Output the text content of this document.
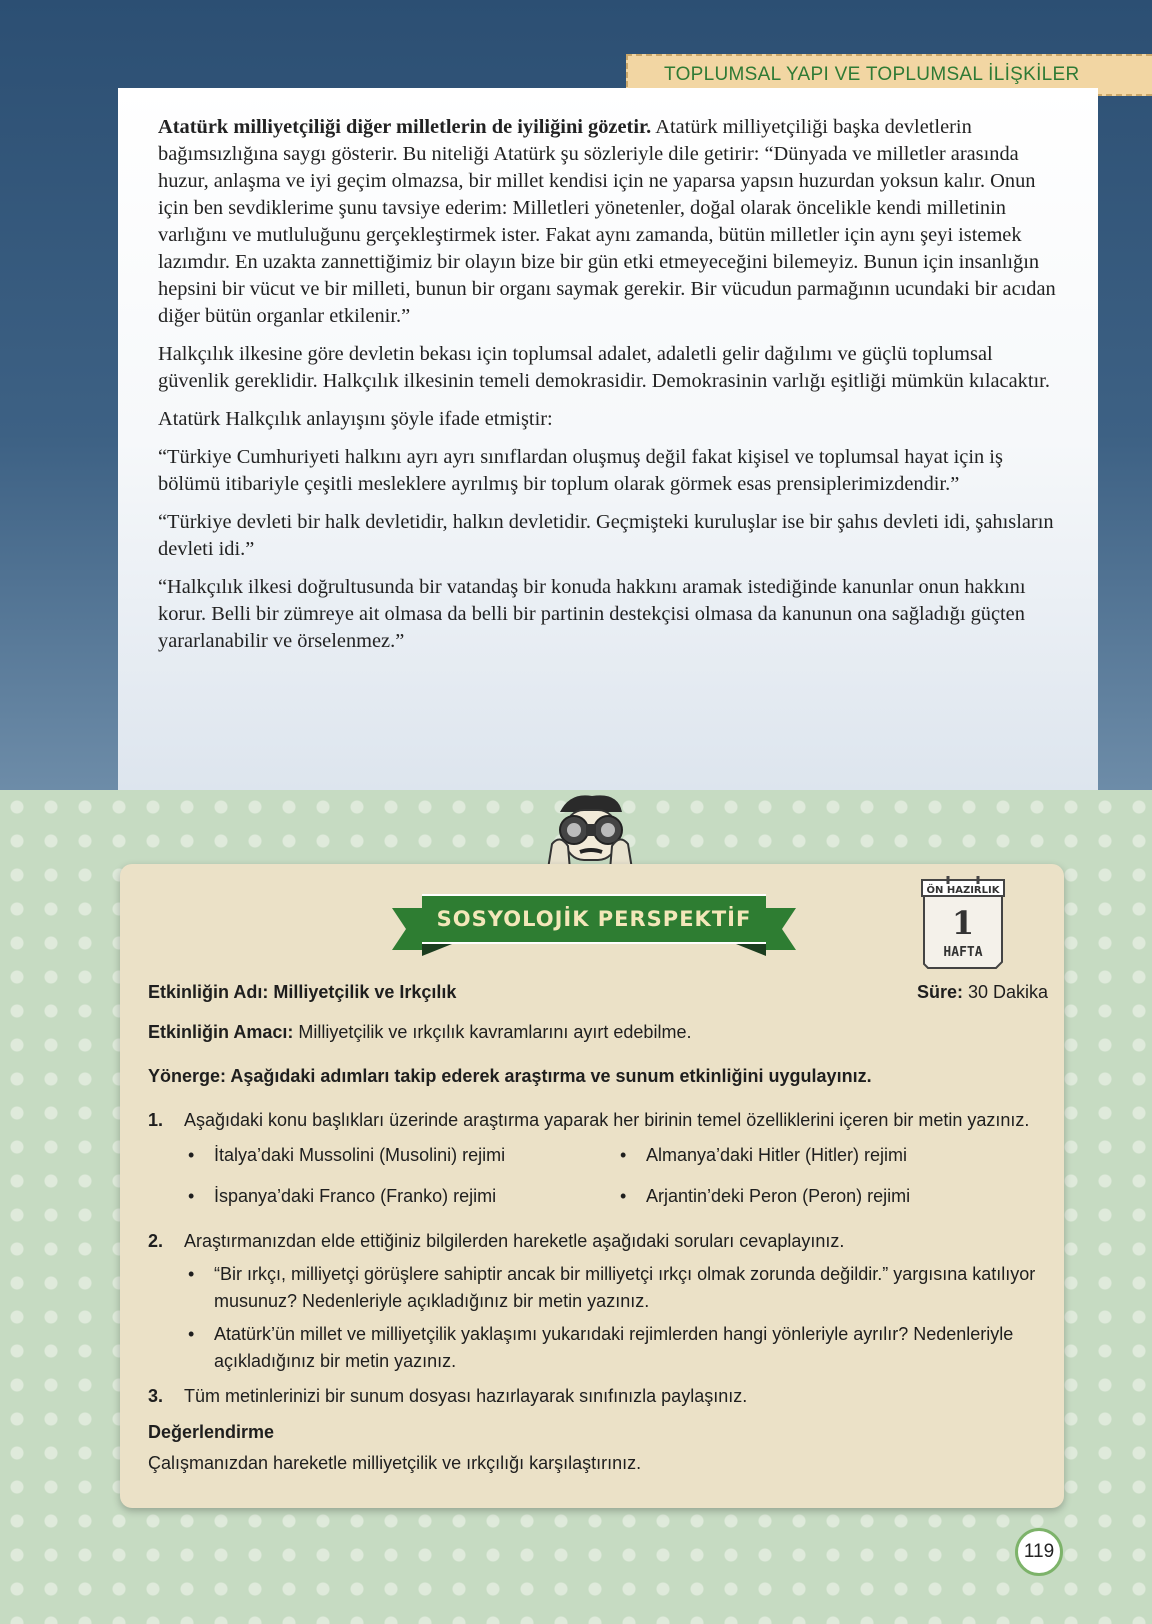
TOPLUMSAL YAPI VE TOPLUMSAL İLİŞKİLER

Atatürk milliyetçiliği diğer milletlerin de iyiliğini gözetir. Atatürk milliyetçiliği başka devletlerin bağımsızlığına saygı gösterir. Bu niteliği Atatürk şu sözleriyle dile getirir: “Dünyada ve milletler arasında huzur, anlaşma ve iyi geçim olmazsa, bir millet kendisi için ne yaparsa yapsın huzurdan yoksun kalır. Onun için ben sevdiklerime şunu tavsiye ederim: Milletleri yönetenler, doğal olarak öncelikle kendi milletinin varlığını ve mutluluğunu gerçekleştirmek ister. Fakat aynı zamanda, bütün milletler için aynı şeyi istemek lazımdır. En uzakta zannettiğimiz bir olayın bize bir gün etki etmeyeceğini bilemeyiz. Bunun için insanlığın hepsini bir vücut ve bir milleti, bunun bir organı saymak gerekir. Bir vücudun parmağının ucundaki bir acıdan diğer bütün organlar etkilenir.”

Halkçılık ilkesine göre devletin bekası için toplumsal adalet, adaletli gelir dağılımı ve güçlü toplumsal güvenlik gereklidir. Halkçılık ilkesinin temeli demokrasidir. Demokrasinin varlığı eşitliği mümkün kılacaktır.

Atatürk Halkçılık anlayışını şöyle ifade etmiştir:

“Türkiye Cumhuriyeti halkını ayrı ayrı sınıflardan oluşmuş değil fakat kişisel ve toplumsal hayat için iş bölümü itibariyle çeşitli mesleklere ayrılmış bir toplum olarak görmek esas prensiplerimizdendir.”

“Türkiye devleti bir halk devletidir, halkın devletidir. Geçmişteki kuruluşlar ise bir şahıs devleti idi, şahısların devleti idi.”

“Halkçılık ilkesi doğrultusunda bir vatandaş bir konuda hakkını aramak istediğinde kanunlar onun hakkını korur. Belli bir zümreye ait olmasa da belli bir partinin destekçisi olmasa da kanunun ona sağladığı güçten yararlanabilir ve örselenmez.”

Etkinliğin Adı: Milliyetçilik ve Irkçılık	Süre: 30 Dakika
Etkinliğin Amacı: Milliyetçilik ve ırkçılık kavramlarını ayırt edebilme.
Yönerge: Aşağıdaki adımları takip ederek araştırma ve sunum etkinliğini uygulayınız.
1.	Aşağıdaki konu başlıkları üzerinde araştırma yaparak her birinin temel özelliklerini içeren bir metin yazınız.
•	İtalya’daki Mussolini (Musolini) rejimi	•	Almanya’daki Hitler (Hitler) rejimi
•	İspanya’daki Franco (Franko) rejimi	•	Arjantin’deki Peron (Peron) rejimi
2.	Araştırmanızdan elde ettiğiniz bilgilerden hareketle aşağıdaki soruları cevaplayınız.
•	“Bir ırkçı, milliyetçi görüşlere sahiptir ancak bir milliyetçi ırkçı olmak zorunda değildir.” yargısına katılıyor musunuz? Nedenleriyle açıkladığınız bir metin yazınız.
•	Atatürk’ün millet ve milliyetçilik yaklaşımı yukarıdaki rejimlerden hangi yönleriyle ayrılır? Nedenleriyle açıkladığınız bir metin yazınız.
3.	Tüm metinlerinizi bir sunum dosyası hazırlayarak sınıfınızla paylaşınız.
Değerlendirme
Çalışmanızdan hareketle milliyetçilik ve ırkçılığı karşılaştırınız.
SOSYOLOJİK PERSPEKTİF
ÖN HAZIRLIK
1
HAFTA
119
